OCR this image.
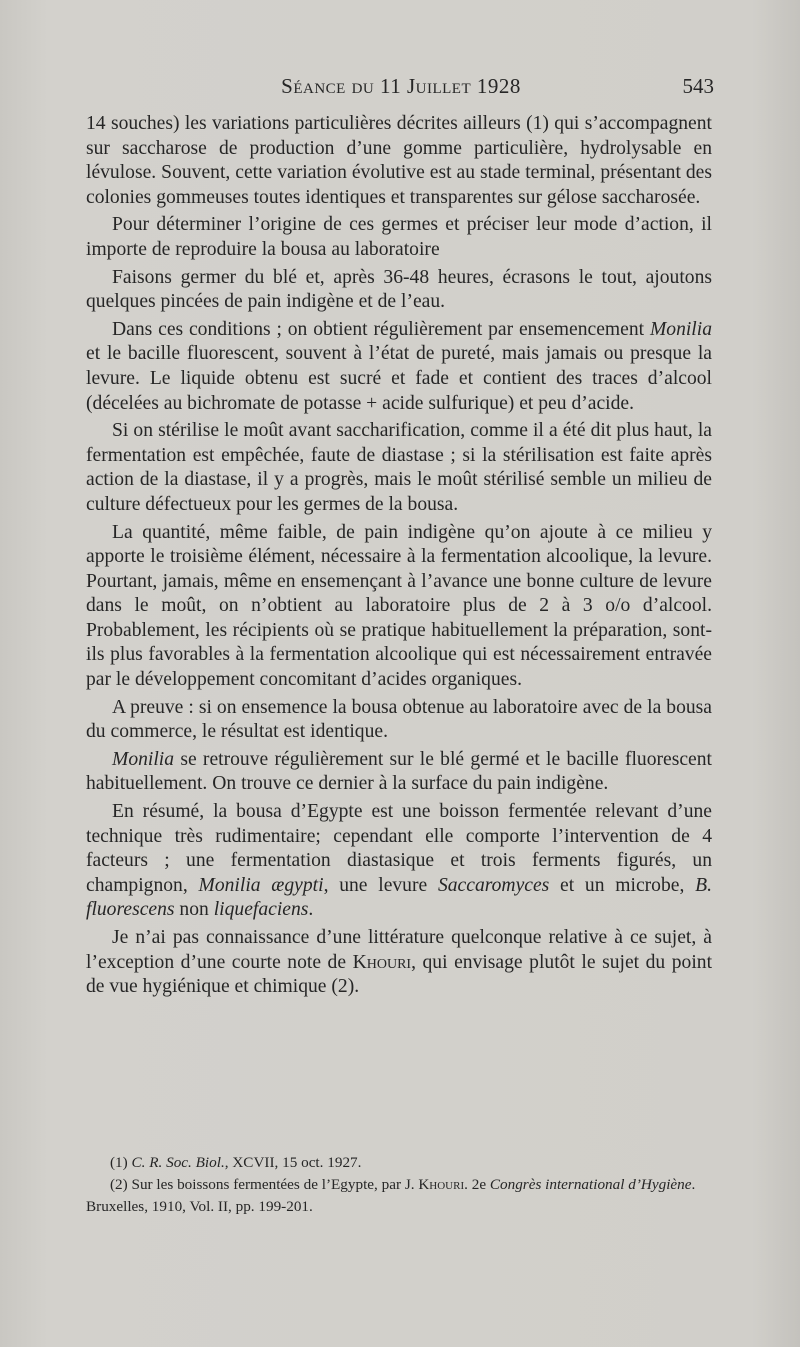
Séance du 11 Juillet 1928	543

14 souches) les variations particulières décrites ailleurs (1) qui s’accompagnent sur saccharose de production d’une gomme particulière, hydrolysable en lévulose. Souvent, cette variation évolutive est au stade terminal, présentant des colonies gommeuses toutes identiques et transparentes sur gélose saccharosée.

Pour déterminer l’origine de ces germes et préciser leur mode d’action, il importe de reproduire la bousa au laboratoire

Faisons germer du blé et, après 36-48 heures, écrasons le tout, ajoutons quelques pincées de pain indigène et de l’eau.

Dans ces conditions ; on obtient régulièrement par ensemencement Monilia et le bacille fluorescent, souvent à l’état de pureté, mais jamais ou presque la levure. Le liquide obtenu est sucré et fade et contient des traces d’alcool (décelées au bichromate de potasse + acide sulfurique) et peu d’acide.

Si on stérilise le moût avant saccharification, comme il a été dit plus haut, la fermentation est empêchée, faute de diastase ; si la stérilisation est faite après action de la diastase, il y a progrès, mais le moût stérilisé semble un milieu de culture défectueux pour les germes de la bousa.

La quantité, même faible, de pain indigène qu’on ajoute à ce milieu y apporte le troisième élément, nécessaire à la fermentation alcoolique, la levure. Pourtant, jamais, même en ensemençant à l’avance une bonne culture de levure dans le moût, on n’obtient au laboratoire plus de 2 à 3 o/o d’alcool. Probablement, les récipients où se pratique habituellement la préparation, sont-ils plus favorables à la fermentation alcoolique qui est nécessairement entravée par le développement concomitant d’acides organiques.

A preuve : si on ensemence la bousa obtenue au laboratoire avec de la bousa du commerce, le résultat est identique.

Monilia se retrouve régulièrement sur le blé germé et le bacille fluorescent habituellement. On trouve ce dernier à la surface du pain indigène.

En résumé, la bousa d’Egypte est une boisson fermentée relevant d’une technique très rudimentaire; cependant elle comporte l’intervention de 4 facteurs ; une fermentation diastasique et trois ferments figurés, un champignon, Monilia ægypti, une levure Saccaromyces et un microbe, B. fluorescens non liquefaciens.

Je n’ai pas connaissance d’une littérature quelconque relative à ce sujet, à l’exception d’une courte note de Khouri, qui envisage plutôt le sujet du point de vue hygiénique et chimique (2).

(1) C. R. Soc. Biol., XCVII, 15 oct. 1927.

(2) Sur les boissons fermentées de l’Egypte, par J. Khouri. 2e Congrès international d’Hygiène. Bruxelles, 1910, Vol. II, pp. 199-201.
